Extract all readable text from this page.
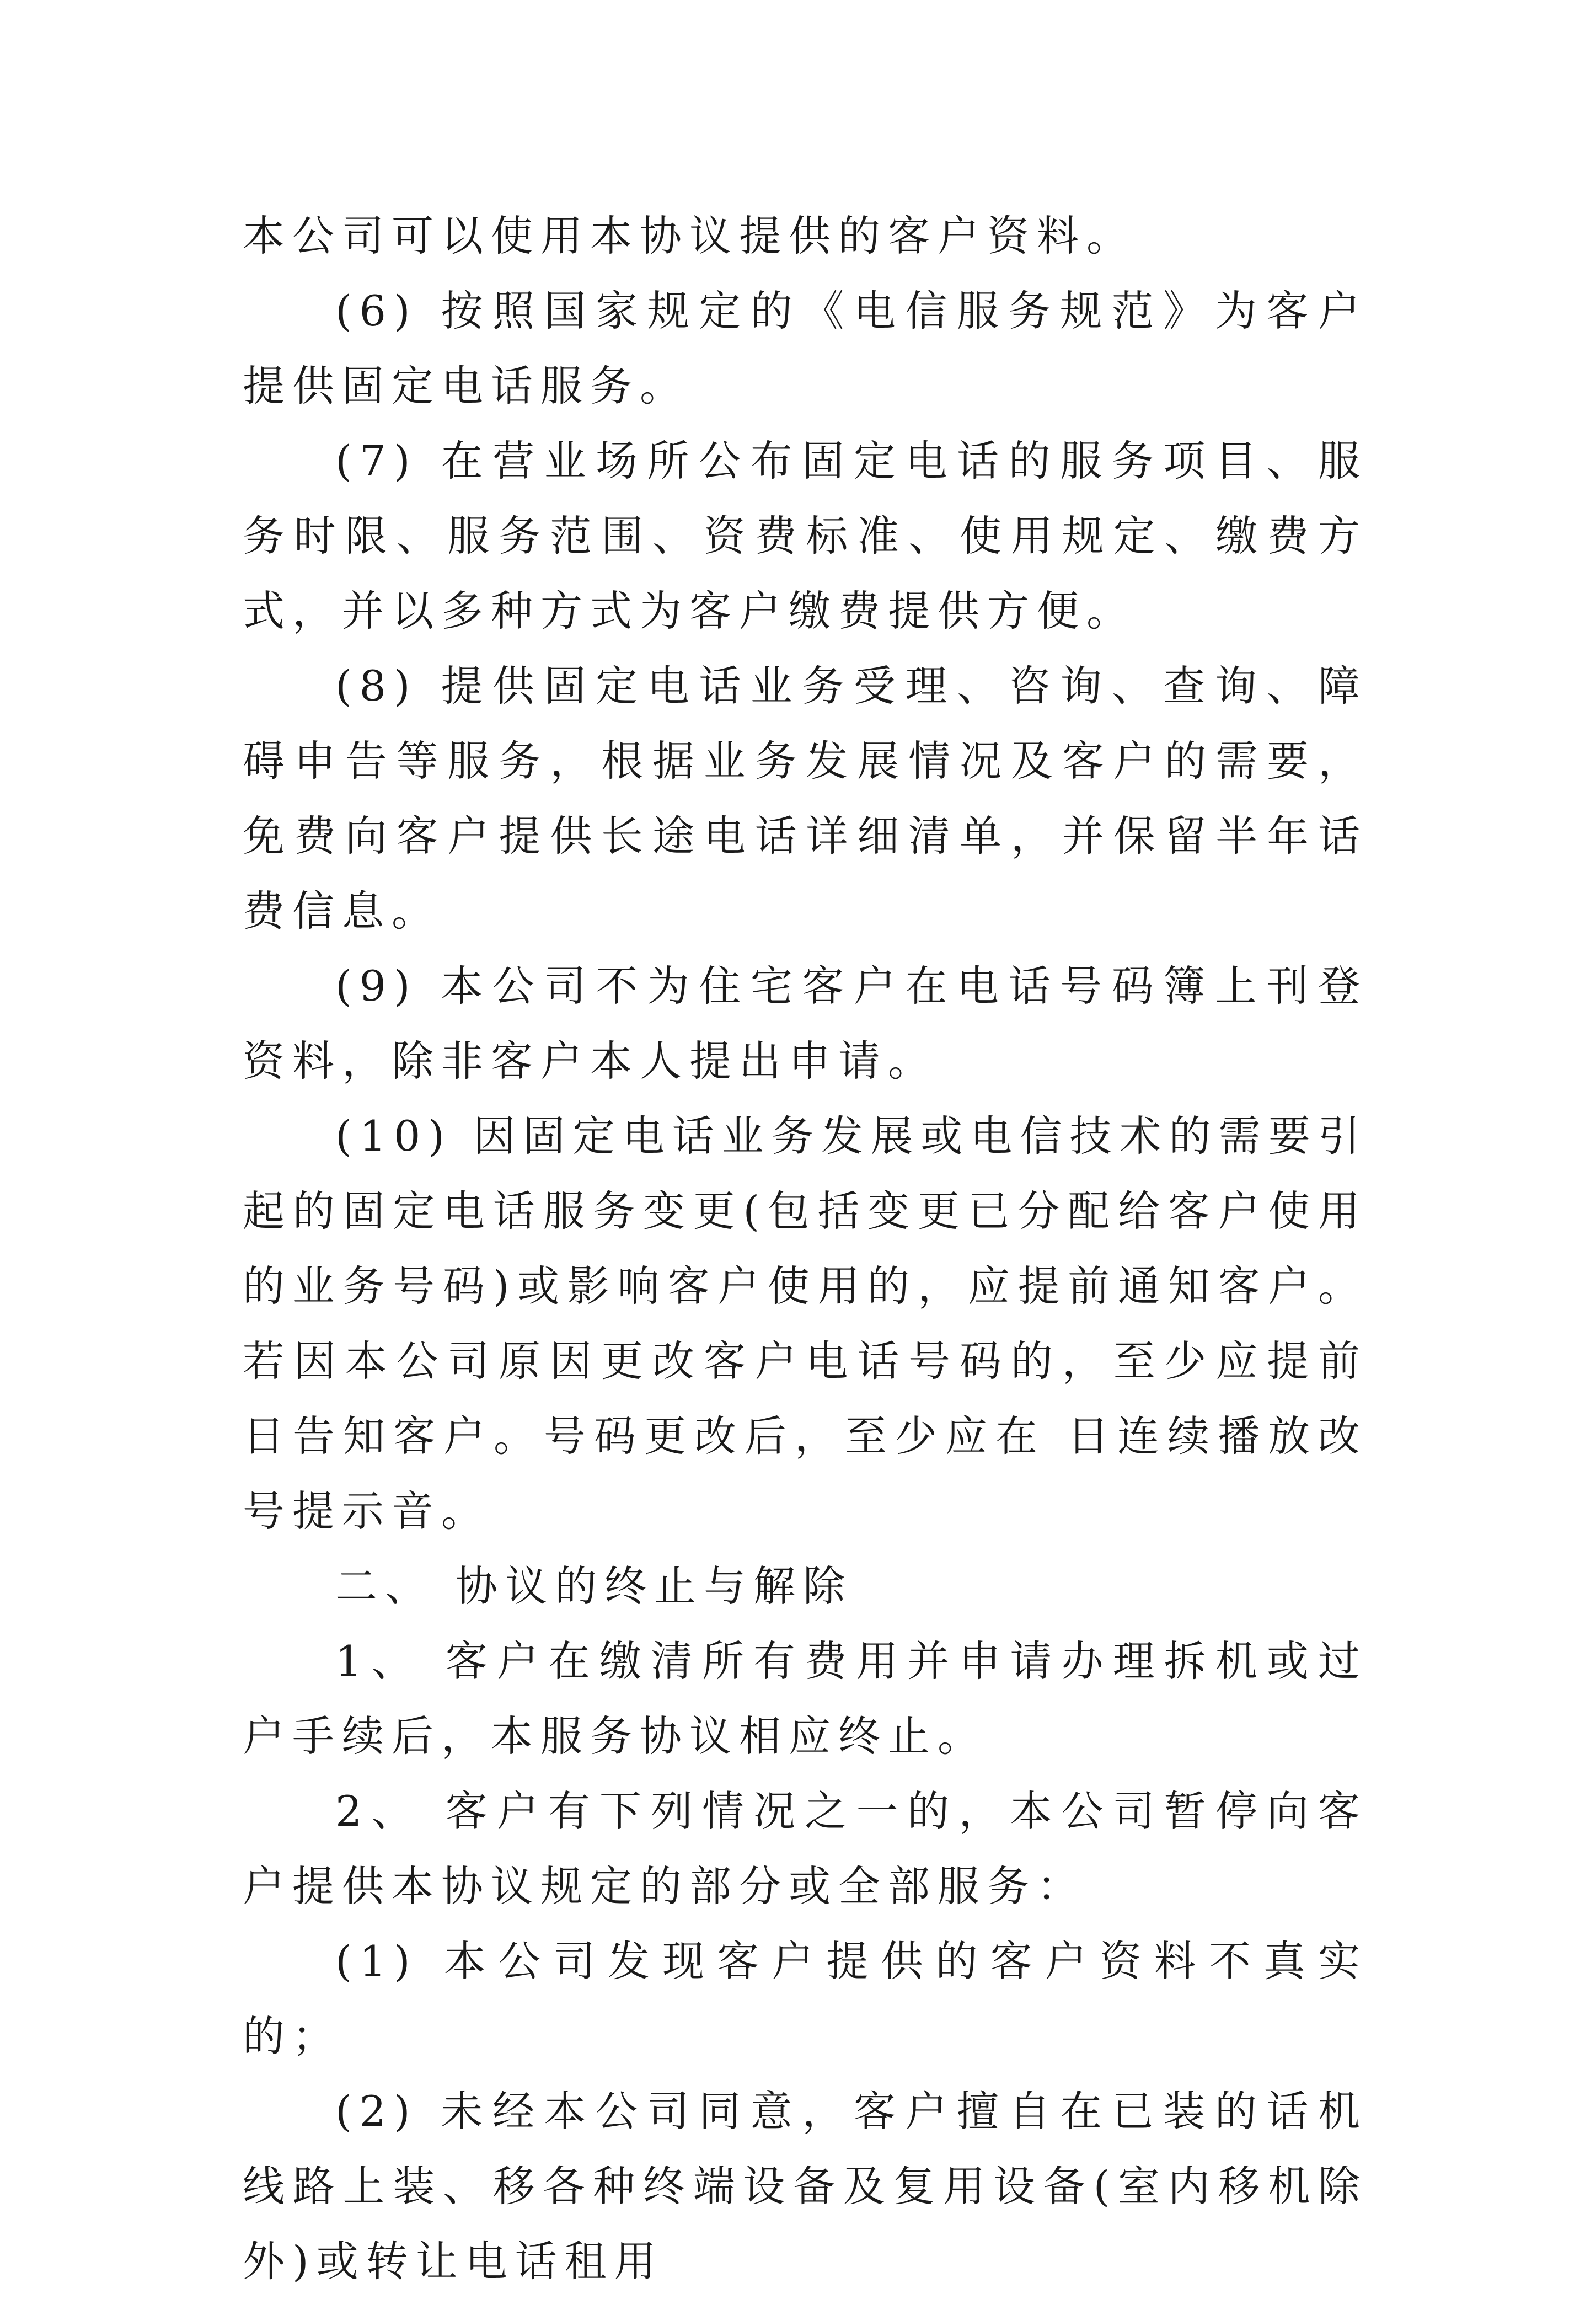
本公司可以使用本协议提供的客户资料。

(6) 按照国家规定的《电信服务规范》为客户提供固定电话服务。

(7) 在营业场所公布固定电话的服务项目、服务时限、服务范围、资费标准、使用规定、缴费方式，并以多种方式为客户缴费提供方便。

(8) 提供固定电话业务受理、咨询、查询、障碍申告等服务，根据业务发展情况及客户的需要，免费向客户提供长途电话详细清单，并保留半年话费信息。

(9) 本公司不为住宅客户在电话号码簿上刊登资料，除非客户本人提出申请。

(10) 因固定电话业务发展或电信技术的需要引起的固定电话服务变更(包括变更已分配给客户使用的业务号码)或影响客户使用的，应提前通知客户。若因本公司原因更改客户电话号码的，至少应提前 日告知客户。号码更改后，至少应在 日连续播放改号提示音。

二、 协议的终止与解除

1、 客户在缴清所有费用并申请办理拆机或过户手续后，本服务协议相应终止。

2、 客户有下列情况之一的，本公司暂停向客户提供本协议规定的部分或全部服务：

(1) 本公司发现客户提供的客户资料不真实的；

(2) 未经本公司同意，客户擅自在已装的话机线路上装、移各种终端设备及复用设备(室内移机除外)或转让电话租用
